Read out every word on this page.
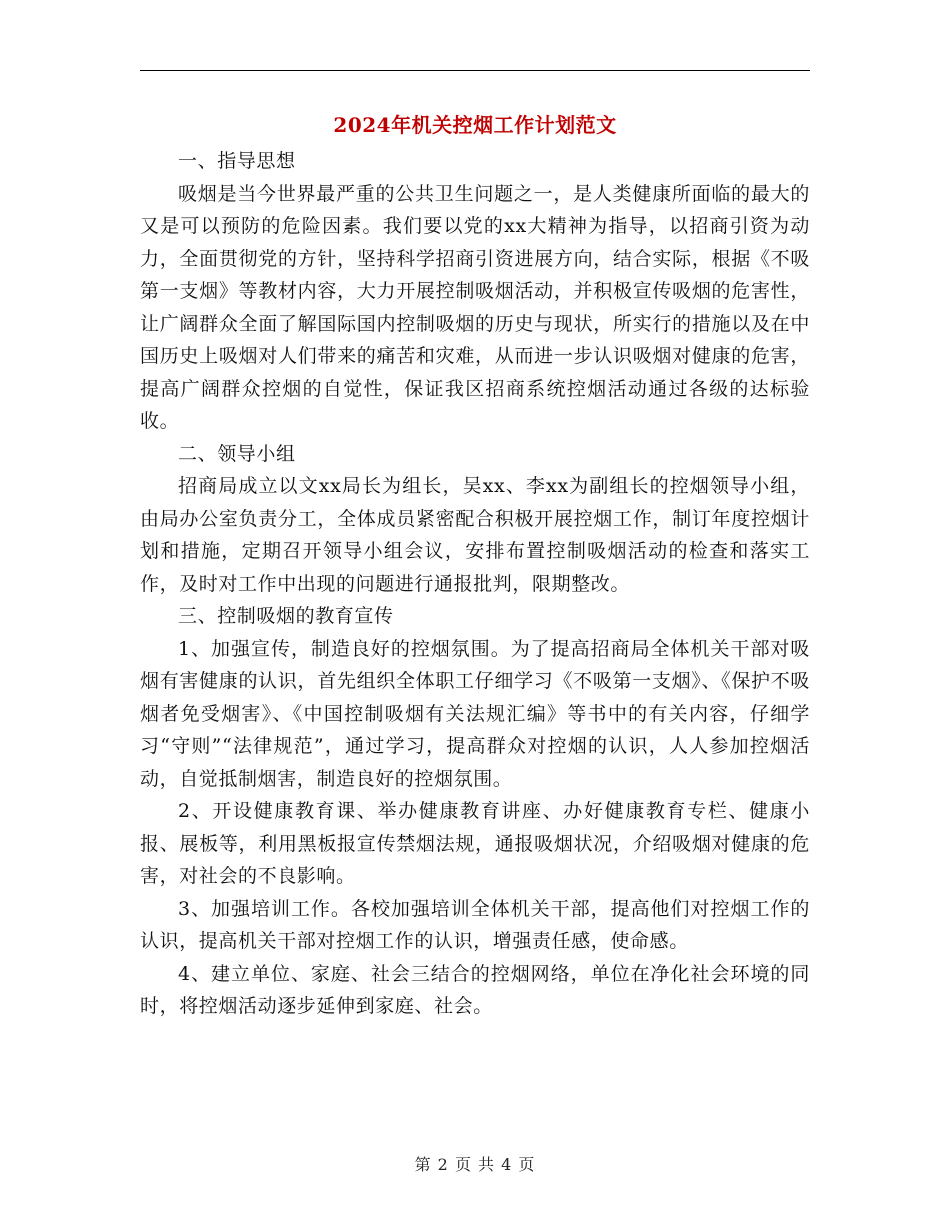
2024年机关控烟工作计划范文
一、指导思想

吸烟是当今世界最严重的公共卫生问题之一，是人类健康所面临的最大的又是可以预防的危险因素。我们要以党的xx大精神为指导，以招商引资为动力，全面贯彻党的方针，坚持科学招商引资进展方向，结合实际，根据《不吸第一支烟》等教材内容，大力开展控制吸烟活动，并积极宣传吸烟的危害性，让广阔群众全面了解国际国内控制吸烟的历史与现状，所实行的措施以及在中国历史上吸烟对人们带来的痛苦和灾难，从而进一步认识吸烟对健康的危害，提高广阔群众控烟的自觉性，保证我区招商系统控烟活动通过各级的达标验收。

二、领导小组

招商局成立以文xx局长为组长，吴xx、李xx为副组长的控烟领导小组，由局办公室负责分工，全体成员紧密配合积极开展控烟工作，制订年度控烟计划和措施，定期召开领导小组会议，安排布置控制吸烟活动的检查和落实工作，及时对工作中出现的问题进行通报批判，限期整改。

三、控制吸烟的教育宣传

1、加强宣传，制造良好的控烟氛围。为了提高招商局全体机关干部对吸烟有害健康的认识，首先组织全体职工仔细学习《不吸第一支烟》、《保护不吸烟者免受烟害》、《中国控制吸烟有关法规汇编》等书中的有关内容，仔细学习“守则”“法律规范”，通过学习，提高群众对控烟的认识，人人参加控烟活动，自觉抵制烟害，制造良好的控烟氛围。

2、开设健康教育课、举办健康教育讲座、办好健康教育专栏、健康小报、展板等，利用黑板报宣传禁烟法规，通报吸烟状况，介绍吸烟对健康的危害，对社会的不良影响。

3、加强培训工作。各校加强培训全体机关干部，提高他们对控烟工作的认识，提高机关干部对控烟工作的认识，增强责任感，使命感。

4、建立单位、家庭、社会三结合的控烟网络，单位在净化社会环境的同时，将控烟活动逐步延伸到家庭、社会。

第 2 页 共 4 页
